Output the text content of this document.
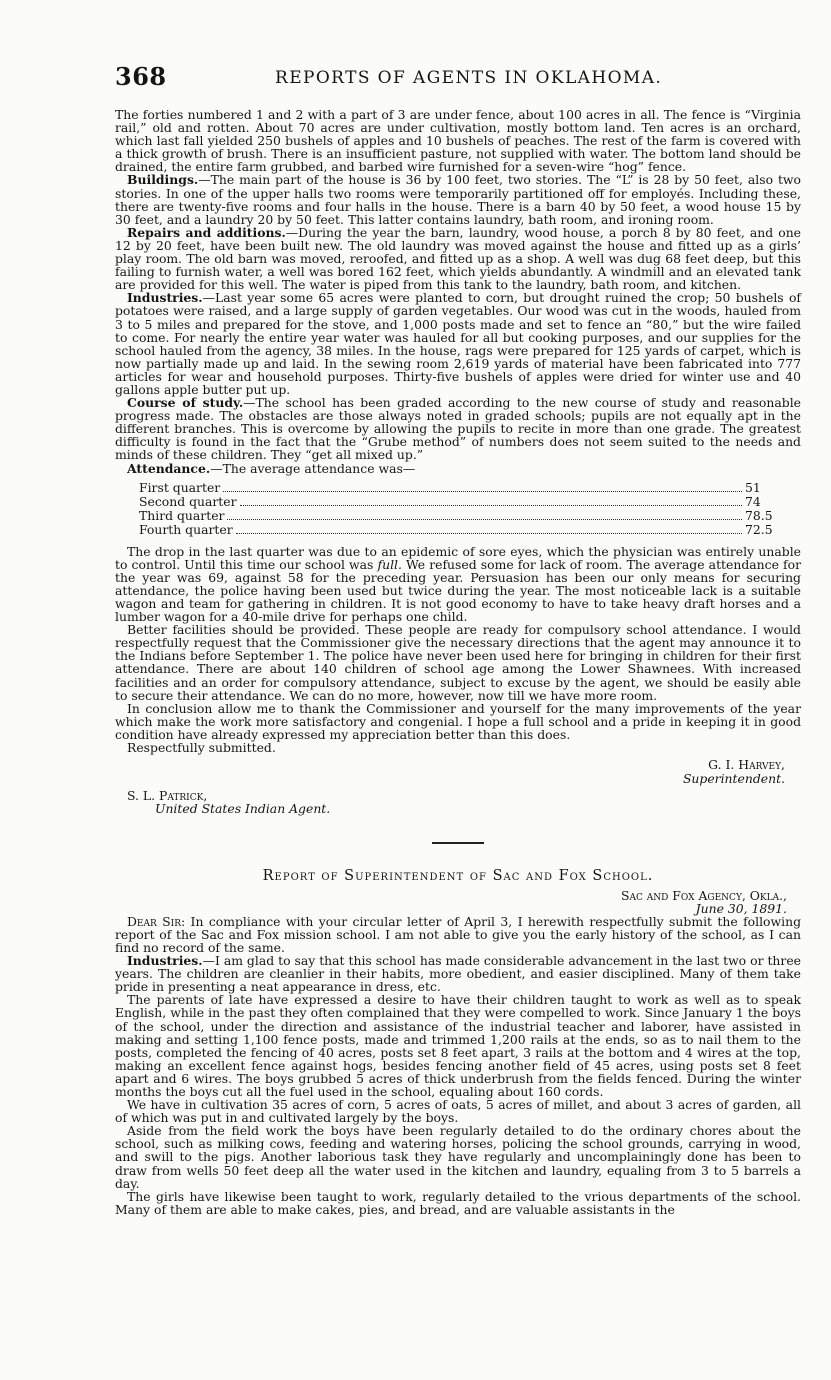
368	REPORTS OF AGENTS IN OKLAHOMA.

The forties numbered 1 and 2 with a part of 3 are under fence, about 100 acres in all. The fence is “Virginia rail,” old and rotten. About 70 acres are under cultivation, mostly bottom land. Ten acres is an orchard, which last fall yielded 250 bushels of apples and 10 bushels of peaches. The rest of the farm is covered with a thick growth of brush. There is an insufficient pasture, not supplied with water. The bottom land should be drained, the entire farm grubbed, and barbed wire furnished for a seven-wire “hog” fence.

Buildings.—The main part of the house is 36 by 100 feet, two stories. The “L” is 28 by 50 feet, also two stories. In one of the upper halls two rooms were temporarily partitioned off for employés. Including these, there are twenty-five rooms and four halls in the house. There is a barn 40 by 50 feet, a wood house 15 by 30 feet, and a laundry 20 by 50 feet. This latter contains laundry, bath room, and ironing room.

Repairs and additions.—During the year the barn, laundry, wood house, a porch 8 by 80 feet, and one 12 by 20 feet, have been built new. The old laundry was moved against the house and fitted up as a girls’ play room. The old barn was moved, reroofed, and fitted up as a shop. A well was dug 68 feet deep, but this failing to furnish water, a well was bored 162 feet, which yields abundantly. A windmill and an elevated tank are provided for this well. The water is piped from this tank to the laundry, bath room, and kitchen.

Industries.—Last year some 65 acres were planted to corn, but drought ruined the crop; 50 bushels of potatoes were raised, and a large supply of garden vegetables. Our wood was cut in the woods, hauled from 3 to 5 miles and prepared for the stove, and 1,000 posts made and set to fence an “80,” but the wire failed to come. For nearly the entire year water was hauled for all but cooking purposes, and our supplies for the school hauled from the agency, 38 miles. In the house, rags were prepared for 125 yards of carpet, which is now partially made up and laid. In the sewing room 2,619 yards of material have been fabricated into 777 articles for wear and household purposes. Thirty-five bushels of apples were dried for winter use and 40 gallons apple butter put up.

Course of study.—The school has been graded according to the new course of study and reasonable progress made. The obstacles are those always noted in graded schools; pupils are not equally apt in the different branches. This is overcome by allowing the pupils to recite in more than one grade. The greatest difficulty is found in the fact that the “Grube method” of numbers does not seem suited to the needs and minds of these children. They “get all mixed up.”

Attendance.—The average attendance was—

First quarter	51
Second quarter	74
Third quarter	78.5
Fourth quarter	72.5

The drop in the last quarter was due to an epidemic of sore eyes, which the physician was entirely unable to control. Until this time our school was full. We refused some for lack of room. The average attendance for the year was 69, against 58 for the preceding year. Persuasion has been our only means for securing attendance, the police having been used but twice during the year. The most noticeable lack is a suitable wagon and team for gathering in children. It is not good economy to have to take heavy draft horses and a lumber wagon for a 40-mile drive for perhaps one child.

Better facilities should be provided. These people are ready for compulsory school attendance. I would respectfully request that the Commissioner give the necessary directions that the agent may announce it to the Indians before September 1. The police have never been used here for bringing in children for their first attendance. There are about 140 children of school age among the Lower Shawnees. With increased facilities and an order for compulsory attendance, subject to excuse by the agent, we should be easily able to secure their attendance. We can do no more, however, now till we have more room.

In conclusion allow me to thank the Commissioner and yourself for the many improvements of the year which make the work more satisfactory and congenial. I hope a full school and a pride in keeping it in good condition have already expressed my appreciation better than this does.

Respectfully submitted.

G. I. Harvey,
Superintendent.
S. L. Patrick,
United States Indian Agent.
Report of Superintendent of Sac and Fox School.
Sac and Fox Agency, Okla.,
June 30, 1891.

Dear Sir: In compliance with your circular letter of April 3, I herewith respectfully submit the following report of the Sac and Fox mission school. I am not able to give you the early history of the school, as I can find no record of the same.

Industries.—I am glad to say that this school has made considerable advancement in the last two or three years. The children are cleanlier in their habits, more obedient, and easier disciplined. Many of them take pride in presenting a neat appearance in dress, etc.

The parents of late have expressed a desire to have their children taught to work as well as to speak English, while in the past they often complained that they were compelled to work. Since January 1 the boys of the school, under the direction and assistance of the industrial teacher and laborer, have assisted in making and setting 1,100 fence posts, made and trimmed 1,200 rails at the ends, so as to nail them to the posts, completed the fencing of 40 acres, posts set 8 feet apart, 3 rails at the bottom and 4 wires at the top, making an excellent fence against hogs, besides fencing another field of 45 acres, using posts set 8 feet apart and 6 wires. The boys grubbed 5 acres of thick underbrush from the fields fenced. During the winter months the boys cut all the fuel used in the school, equaling about 160 cords.

We have in cultivation 35 acres of corn, 5 acres of oats, 5 acres of millet, and about 3 acres of garden, all of which was put in and cultivated largely by the boys.

Aside from the field work the boys have been regularly detailed to do the ordinary chores about the school, such as milking cows, feeding and watering horses, policing the school grounds, carrying in wood, and swill to the pigs. Another laborious task they have regularly and uncomplainingly done has been to draw from wells 50 feet deep all the water used in the kitchen and laundry, equaling from 3 to 5 barrels a day.

The girls have likewise been taught to work, regularly detailed to the vrious departments of the school. Many of them are able to make cakes, pies, and bread, and are valuable assistants in the
